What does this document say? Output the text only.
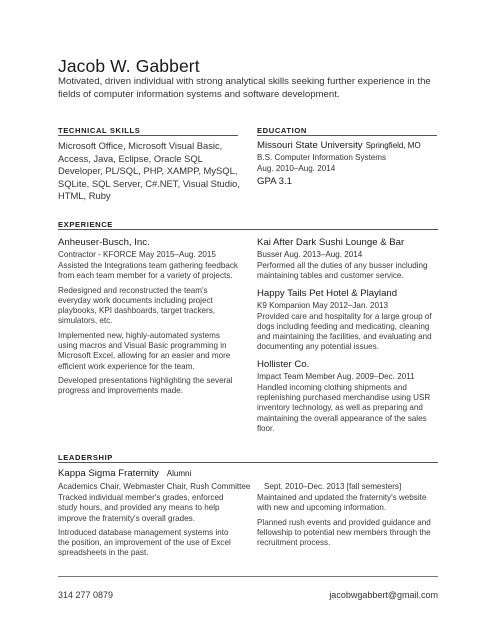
Jacob W. Gabbert
Motivated, driven individual with strong analytical skills seeking further experience in the fields of computer information systems and software development.
TECHNICAL SKILLS
Microsoft Office, Microsoft Visual Basic, Access, Java, Eclipse, Oracle SQL Developer, PL/SQL, PHP, XAMPP, MySQL, SQLite, SQL Server, C#.NET, Visual Studio, HTML, Ruby
EDUCATION
Missouri State University Springfield, MO
B.S. Computer Information Systems
Aug. 2010–Aug. 2014
GPA 3.1
EXPERIENCE
Anheuser-Busch, Inc.
Contractor - KFORCE May 2015–Aug. 2015

Assisted the Integrations team gathering feedback from each team member for a variety of projects.

Redesigned and reconstructed the team's everyday work documents including project playbooks, KPI dashboards, target trackers, simulators, etc.

Implemented new, highly-automated systems using macros and Visual Basic programming in Microsoft Excel, allowing for an easier and more efficient work experience for the team.

Developed presentations highlighting the several progress and improvements made.

Kai After Dark Sushi Lounge & Bar
Busser Aug. 2013–Aug. 2014

Performed all the duties of any busser including maintaining tables and customer service.

Happy Tails Pet Hotel & Playland
K9 Kompanion May 2012–Jan. 2013

Provided care and hospitality for a large group of dogs including feeding and medicating, cleaning and maintaining the facilities, and evaluating and documenting any potential issues.

Hollister Co.
Impact Team Member Aug. 2009–Dec. 2011

Handled incoming clothing shipments and replenishing purchased merchandise using USR inventory technology, as well as preparing and maintaining the overall appearance of the sales floor.

LEADERSHIP
Kappa Sigma Fraternity Alumni
Academics Chair, Webmaster Chair, Rush Committee Sept. 2010–Dec. 2013 [fall semesters]

Tracked individual member's grades, enforced study hours, and provided any means to help improve the fraternity's overall grades.

Introduced database management systems into the position, an improvement of the use of Excel spreadsheets in the past.

Maintained and updated the fraternity's website with new and upcoming information.

Planned rush events and provided guidance and fellowship to potential new members through the recruitment process.

314 277 0879	jacobwgabbert@gmail.com
